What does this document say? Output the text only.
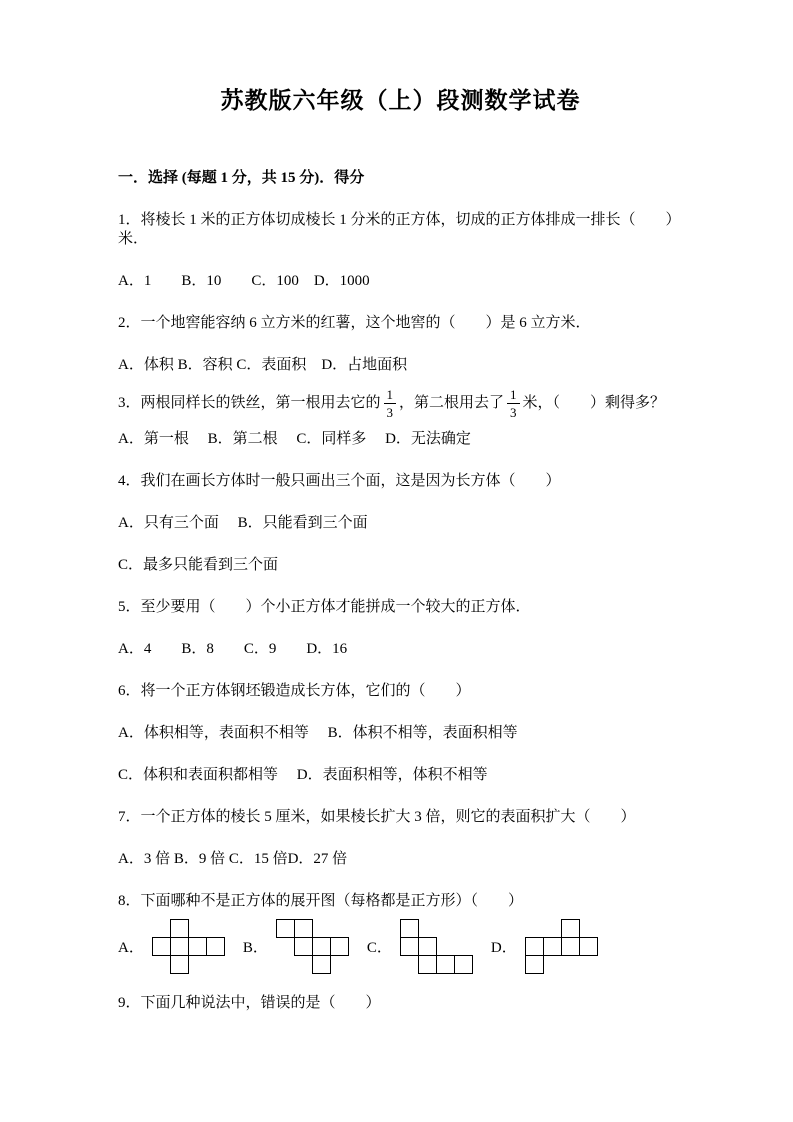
苏教版六年级（上）段测数学试卷

一．选择 (每题 1 分，共 15 分)．得分

1．将棱长 1 米的正方体切成棱长 1 分米的正方体，切成的正方体排成一排长（　　）米．

A．1　　B．10　　C．100　D．1000

2．一个地窖能容纳 6 立方米的红薯，这个地窖的（　　）是 6 立方米．

A．体积 B．容积 C．表面积　D．占地面积

3．两根同样长的铁丝，第一根用去它的 $\frac{1}{3}$ ，第二根用去了 $\frac{1}{3}$ 米，（　　）剩得多？

A．第一根　 B．第二根　 C．同样多　 D．无法确定

4．我们在画长方体时一般只画出三个面，这是因为长方体（　　）

A．只有三个面　 B．只能看到三个面

C．最多只能看到三个面

5．至少要用（　　）个小正方体才能拼成一个较大的正方体．

A．4　　B．8　　C．9　　D．16

6．将一个正方体钢坯锻造成长方体，它们的（　　）

A．体积相等，表面积不相等　 B．体积不相等，表面积相等

C．体积和表面积都相等　 D．表面积相等，体积不相等

7．一个正方体的棱长 5 厘米，如果棱长扩大 3 倍，则它的表面积扩大（　　）

A．3 倍 B．9 倍 C．15 倍D．27 倍

8．下面哪种不是正方体的展开图（每格都是正方形）（　　）

A．	B．	C．	D．

9．下面几种说法中，错误的是（　　）
